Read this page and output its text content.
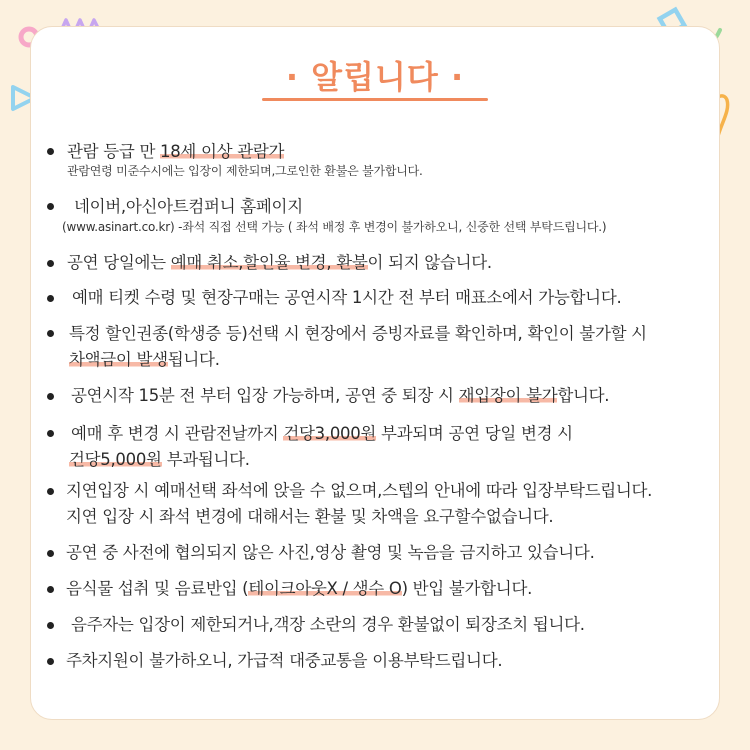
· 알립니다 ·
관람 등급 만 18세 이상 관람가
관람연령 미준수시에는 입장이 제한되며,그로인한 환불은 불가합니다.
네이버,아신아트컴퍼니 홈페이지
(www.asinart.co.kr) -좌석 직접 선택 가능 ( 좌석 배정 후 변경이 불가하오니, 신중한 선택 부탁드립니다.)
공연 당일에는 예매 취소,할인율 변경, 환불이 되지 않습니다.
예매 티켓 수령 및 현장구매는 공연시작 1시간 전 부터 매표소에서 가능합니다.
특정 할인권종(학생증 등)선택 시 현장에서 증빙자료를 확인하며, 확인이 불가할 시
차액금이 발생됩니다.
공연시작 15분 전 부터 입장 가능하며, 공연 중 퇴장 시 재입장이 불가합니다.
예매 후 변경 시 관람전날까지 건당3,000원 부과되며 공연 당일 변경 시
건당5,000원 부과됩니다.
지연입장 시 예매선택 좌석에 앉을 수 없으며,스텝의 안내에 따라 입장부탁드립니다.
지연 입장 시 좌석 변경에 대해서는 환불 및 차액을 요구할수없습니다.
공연 중 사전에 협의되지 않은 사진,영상 촬영 및 녹음을 금지하고 있습니다.
음식물 섭취 및 음료반입 (테이크아웃X / 생수 O) 반입 불가합니다.
음주자는 입장이 제한되거나,객장 소란의 경우 환불없이 퇴장조치 됩니다.
주차지원이 불가하오니, 가급적 대중교통을 이용부탁드립니다.
